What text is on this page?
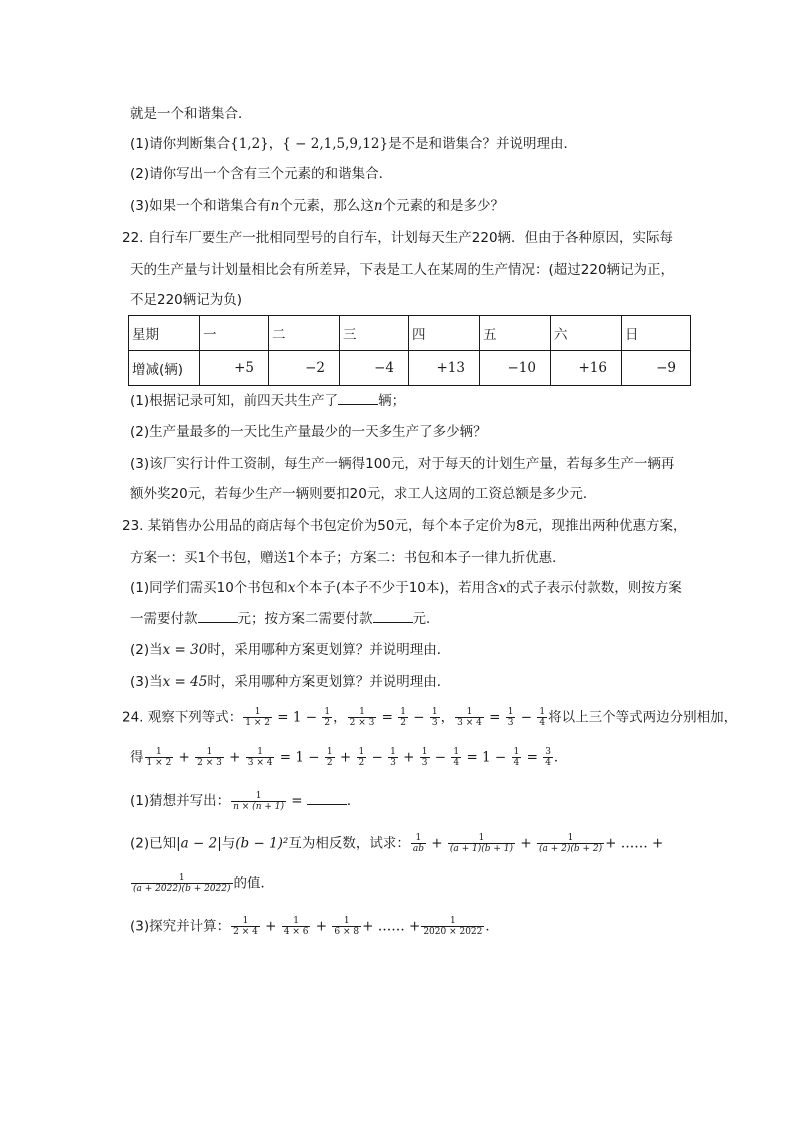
就是一个和谐集合．
(1)请你判断集合{1,2}，{ − 2,1,5,9,12}是不是和谐集合？并说明理由．
(2)请你写出一个含有三个元素的和谐集合．
(3)如果一个和谐集合有n个元素，那么这n个元素的和是多少？
22. 自行车厂要生产一批相同型号的自行车，计划每天生产220辆．但由于各种原因，实际每
天的生产量与计划量相比会有所差异，下表是工人在某周的生产情况：(超过220辆记为正，
不足220辆记为负)
星期	一	二	三	四	五	六	日
增减(辆)	+5	−2	−4	+13	−10	+16	−9
(1)根据记录可知，前四天共生产了	辆；
(2)生产量最多的一天比生产量最少的一天多生产了多少辆？
(3)该厂实行计件工资制，每生产一辆得100元，对于每天的计划生产量，若每多生产一辆再
额外奖20元，若每少生产一辆则要扣20元，求工人这周的工资总额是多少元．
23. 某销售办公用品的商店每个书包定价为50元，每个本子定价为8元，现推出两种优惠方案，
方案一：买1个书包，赠送1个本子；方案二：书包和本子一律九折优惠．
(1)同学们需买10个书包和x个本子(本子不少于10本)，若用含x的式子表示付款数，则按方案
一需要付款	元；按方案二需要付款	元．
(2)当x = 30时，采用哪种方案更划算？并说明理由．
(3)当x = 45时，采用哪种方案更划算？并说明理由．
24. 观察下列等式： $\frac{1}{1 \times 2} = 1 - \frac{1}{2}$ ， $\frac{1}{2 \times 3} = \frac{1}{2} - \frac{1}{3}$ ， $\frac{1}{3 \times 4} = \frac{1}{3} - \frac{1}{4}$ 将以上三个等式两边分别相加，
得 $\frac{1}{1 \times 2} + \frac{1}{2 \times 3} + \frac{1}{3 \times 4} = 1 - \frac{1}{2} + \frac{1}{2} - \frac{1}{3} + \frac{1}{3} - \frac{1}{4} = 1 - \frac{1}{4} = \frac{3}{4}$ ．
(1)猜想并写出： $\frac{1}{n \times (n + 1)}$ =	．
(2)已知|a − 2|与(b − 1)²互为相反数，试求： $\frac{1}{ab} + \frac{1}{(a + 1)(b + 1)} + \frac{1}{(a + 2)(b + 2)}$ + …… +
$\frac{1}{(a + 2022)(b + 2022)}$ 的值．
(3)探究并计算： $\frac{1}{2 \times 4} + \frac{1}{4 \times 6} + \frac{1}{6 \times 8}$ + …… + $\frac{1}{2020 \times 2022}$ ．
